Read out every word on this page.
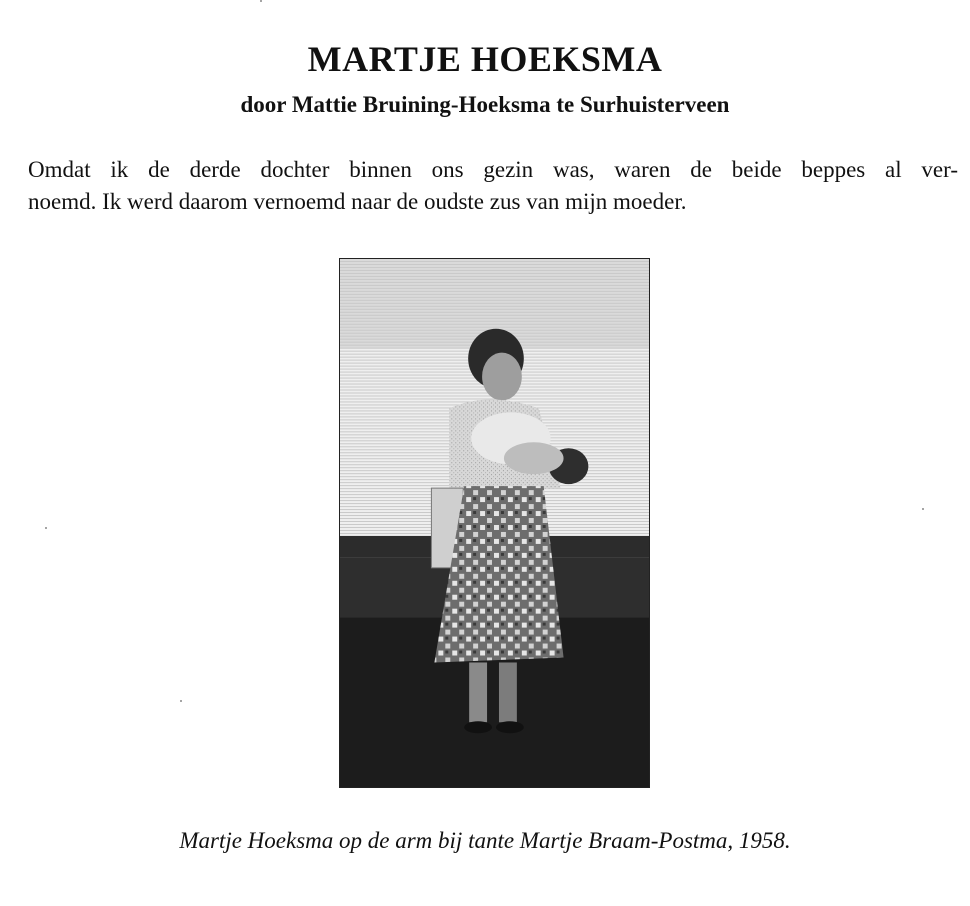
MARTJE HOEKSMA
door Mattie Bruining-Hoeksma te Surhuisterveen
Omdat ik de derde dochter binnen ons gezin was, waren de beide beppes al ver-
noemd. Ik werd daarom vernoemd naar de oudste zus van mijn moeder.
Martje Hoeksma op de arm bij tante Martje Braam-Postma, 1958.
